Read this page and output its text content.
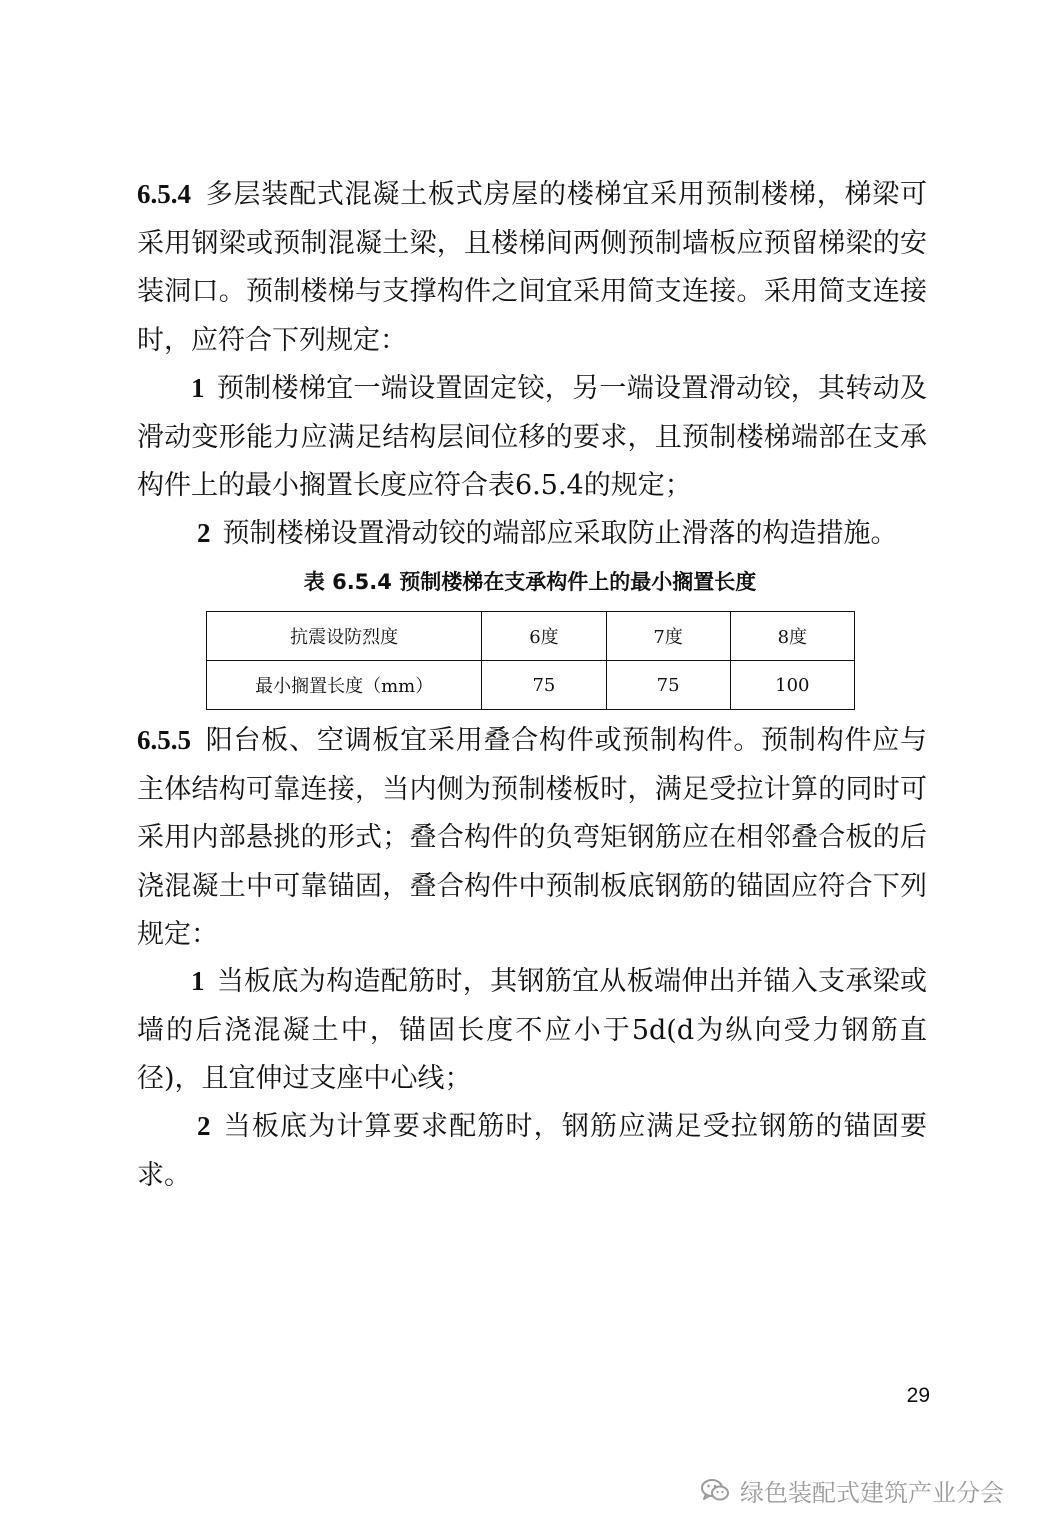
6.5.4 多层装配式混凝土板式房屋的楼梯宜采用预制楼梯，梯梁可采用钢梁或预制混凝土梁，且楼梯间两侧预制墙板应预留梯梁的安装洞口。预制楼梯与支撑构件之间宜采用简支连接。采用简支连接时，应符合下列规定：

1 预制楼梯宜一端设置固定铰，另一端设置滑动铰，其转动及滑动变形能力应满足结构层间位移的要求，且预制楼梯端部在支承构件上的最小搁置长度应符合表6.5.4的规定；

2 预制楼梯设置滑动铰的端部应采取防止滑落的构造措施。

表 6.5.4 预制楼梯在支承构件上的最小搁置长度
抗震设防烈度	6度	7度	8度
最小搁置长度（mm）	75	75	100

6.5.5 阳台板、空调板宜采用叠合构件或预制构件。预制构件应与主体结构可靠连接，当内侧为预制楼板时，满足受拉计算的同时可采用内部悬挑的形式；叠合构件的负弯矩钢筋应在相邻叠合板的后浇混凝土中可靠锚固，叠合构件中预制板底钢筋的锚固应符合下列规定：

1 当板底为构造配筋时，其钢筋宜从板端伸出并锚入支承梁或墙的后浇混凝土中，锚固长度不应小于5d(d为纵向受力钢筋直径)，且宜伸过支座中心线；

2 当板底为计算要求配筋时，钢筋应满足受拉钢筋的锚固要求。

29
绿色装配式建筑产业分会
